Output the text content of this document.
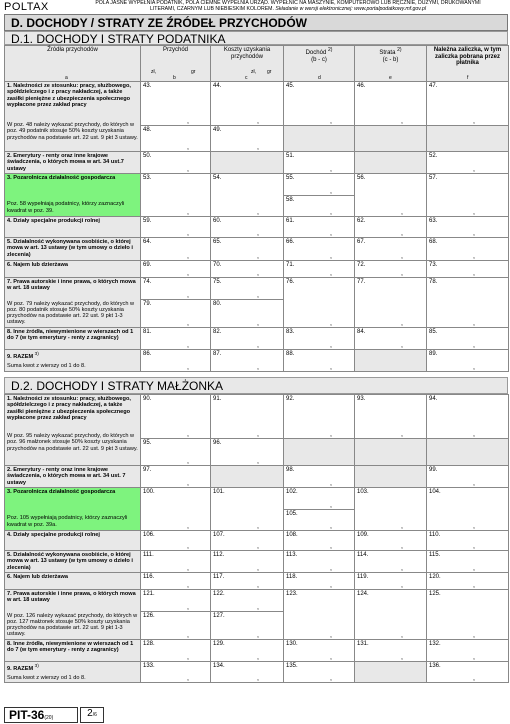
POLTAX	POLA JASNE WYPEŁNIA PODATNIK, POLA CIEMNE WYPEŁNIA URZĄD. WYPEŁNIĆ NA MASZYNIE, KOMPUTEROWO LUB RĘCZNIE, DUŻYMI, DRUKOWANYMI
LITERAMI, CZARNYM LUB NIEBIESKIM KOLOREM. Składanie w wersji elektronicznej: www.portalpodatkowy.mf.gov.pl
D. DOCHODY / STRATY ZE ŹRÓDEŁ PRZYCHODÓW
D.1. DOCHODY I STRATY PODATNIKA
Źródła przychodów
a	Przychód
zł, gr
b	Koszty uzyskania przychodów
zł, gr
c	Dochód $^{2)}$
(b - c)
d	Strata $^{2)}$
(c - b)
e	Należna zaliczka, w tym zaliczka pobrana przez płatnika
f

1. Należności ze stosunku: pracy, służbowego, spółdzielczego i z pracy nakładczej, a także zasiłki pieniężne z ubezpieczenia społecznego wypłacone przez zakład pracy
W poz. 48 należy wykazać przychody, do których w poz. 49 podatnik stosuje 50% koszty uzyskania przychodów na podstawie art. 22 ust. 9 pkt 3 ustawy.	43.
,	44.
,	45.
,	46.
,	47.
,

	48.
,	49.
,			

2. Emerytury - renty oraz inne krajowe świadczenia, o których mowa w art. 34 ust.7 ustawy	50.
,		51.
,		52.
,

3. Pozarolnicza działalność gospodarcza
Poz. 58 wypełniają podatnicy, którzy zaznaczyli kwadrat w poz. 39.	53.
,	54.
,	55.
,	56.
,	57.
,

			58.
,		

4. Działy specjalne produkcji rolnej	59.
,	60.
,	61.
,	62.
,	63.
,

5. Działalność wykonywana osobiście, o której mowa w art. 13 ustawy (w tym umowy o dzieło i zlecenia)	64.
,	65.
,	66.
,	67.
,	68.
,

6. Najem lub dzierżawa	69.
,	70.
,	71.
,	72.
,	73.
,

7. Prawa autorskie i inne prawa, o których mowa w art. 18 ustawy
W poz. 79 należy wykazać przychody, do których w poz. 80 podatnik stosuje 50% koszty uzyskania przychodów na podstawie art. 22 ust. 9 pkt 1-3 ustawy.	74.
,	75.
,	76.
,	77.
,	78.
,

	79.
,	80.
,			

8. Inne źródła, niewymienione w wierszach od 1 do 7 (w tym emerytury - renty z zagranicy)	81.
,	82.
,	83.
,	84.
,	85.
,

9. RAZEM $^{3)}$
Suma kwot z wierszy od 1 do 8.	86.
,	87.
,	88.
,		89.
,
D.2. DOCHODY I STRATY MAŁŻONKA
1. Należności ze stosunku: pracy, służbowego, spółdzielczego i z pracy nakładczej, a także zasiłki pieniężne z ubezpieczenia społecznego wypłacone przez zakład pracy
W poz. 95 należy wykazać przychody, do których w poz. 96 małżonek stosuje 50% koszty uzyskania przychodów na podstawie art. 22 ust. 9 pkt 3 ustawy.	90.
,	91.
,	92.
,	93.
,	94.
,

	95.
,	96.
,			

2. Emerytury - renty oraz inne krajowe świadczenia, o których mowa w art. 34 ust. 7 ustawy	97.
,		98.
,		99.
,

3. Pozarolnicza działalność gospodarcza
Poz. 105 wypełniają podatnicy, którzy zaznaczyli kwadrat w poz. 39a.	100.
,	101.
,	102.
,	103.
,	104.
,

			105.
,		

4. Działy specjalne produkcji rolnej	106.
,	107.
,	108.
,	109.
,	110.
,

5. Działalność wykonywana osobiście, o której mowa w art. 13 ustawy (w tym umowy o dzieło i zlecenia)	111.
,	112.
,	113.
,	114.
,	115.
,

6. Najem lub dzierżawa	116.
,	117.
,	118.
,	119.
,	120.
,

7. Prawa autorskie i inne prawa, o których mowa w art. 18 ustawy
W poz. 126 należy wykazać przychody, do których w poz. 127 małżonek stosuje 50% koszty uzyskania przychodów na podstawie art. 22 ust. 9 pkt 1-3 ustawy.	121.
,	122.
,	123.
,	124.
,	125.
,

	126.
,	127.
,			

8. Inne źródła, niewymienione w wierszach od 1 do 7 (w tym emerytury - renty z zagranicy)	128.
,	129.
,	130.
,	131.
,	132.
,

9. RAZEM $^{3)}$
Suma kwot z wierszy od 1 do 8.	133.
,	134.
,	135.
,		136.
,
PIT-36(20)	2/6
